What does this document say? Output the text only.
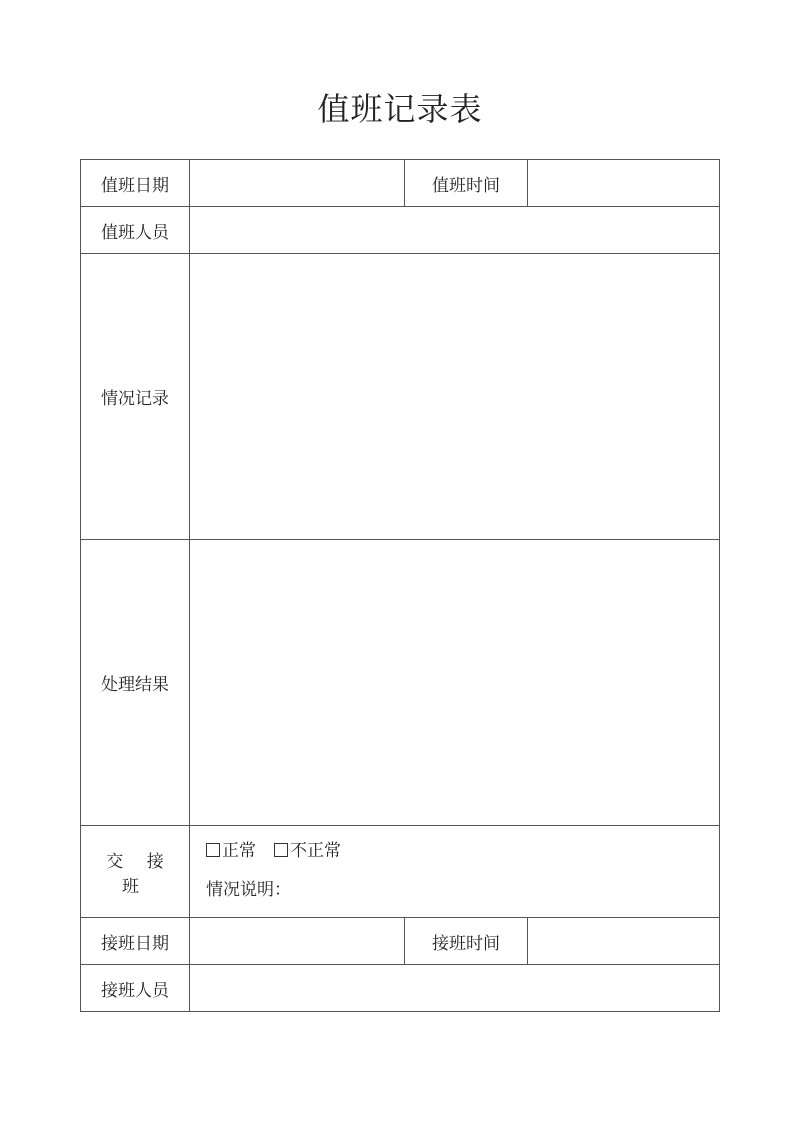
值班记录表
值班日期		值班时间	
值班人员			
情况记录			
处理结果			
交 接 班	正常 不正常
情况说明：		

接班日期		接班时间	
接班人员			
